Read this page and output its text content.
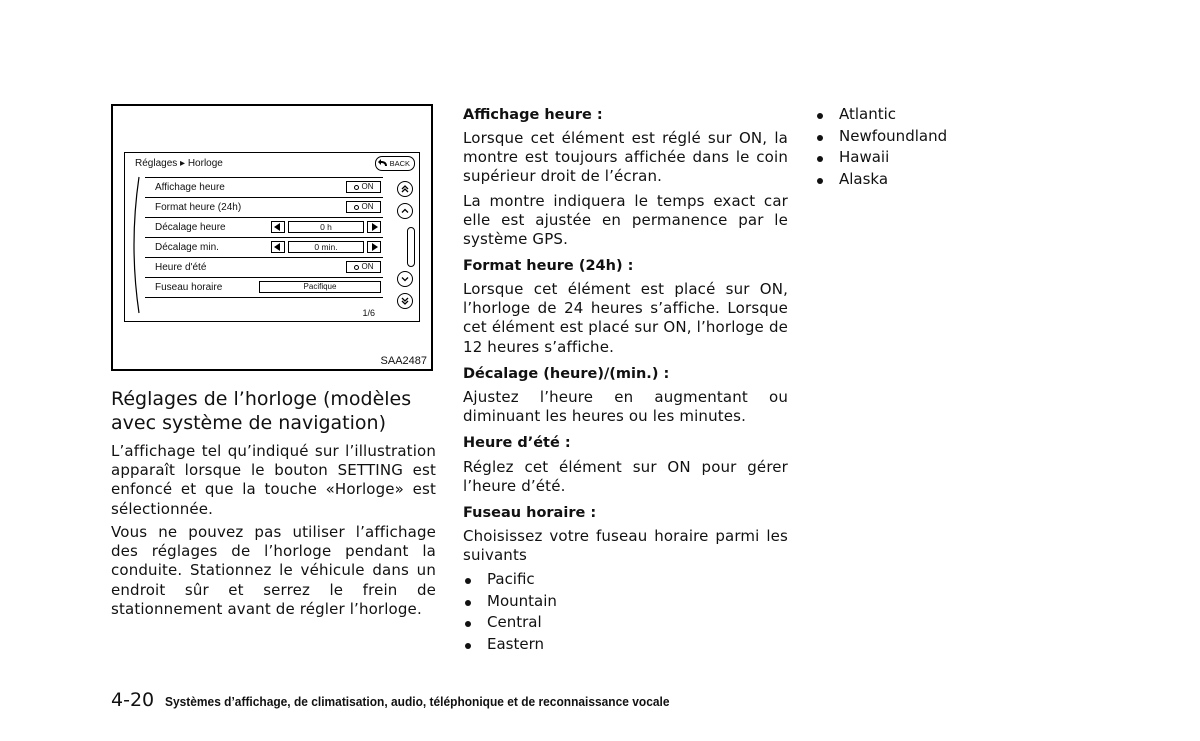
Réglages ▸ Horloge	BACK
Affichage heure	ON
Format heure (24h)	ON
Décalage heure	0 h
Décalage min.	0 min.
Heure d'été	ON
Fuseau horaire	Pacifique
1/6
SAA2487
Réglages de l’horloge (modèles avec système de navigation)
L’affichage tel qu’indiqué sur l’illustration apparaît lorsque le bouton SETTING est enfoncé et que la touche «Horloge» est sélectionnée.
Vous ne pouvez pas utiliser l’affichage des réglages de l’horloge pendant la conduite. Stationnez le véhicule dans un endroit sûr et serrez le frein de stationnement avant de régler l’horloge.
Affichage heure :
Lorsque cet élément est réglé sur ON, la montre est toujours affichée dans le coin supérieur droit de l’écran.
La montre indiquera le temps exact car elle est ajustée en permanence par le système GPS.
Format heure (24h) :
Lorsque cet élément est placé sur ON, l’horloge de 24 heures s’affiche. Lorsque cet élément est placé sur ON, l’horloge de 12 heures s’affiche.
Décalage (heure)/(min.) :
Ajustez l’heure en augmentant ou diminuant les heures ou les minutes.
Heure d’été :
Réglez cet élément sur ON pour gérer l’heure d’été.
Fuseau horaire :
Choisissez votre fuseau horaire parmi les suivants
Pacific
Mountain
Central
Eastern
Atlantic
Newfoundland
Hawaii
Alaska
4-20 Systèmes d’affichage, de climatisation, audio, téléphonique et de reconnaissance vocale
